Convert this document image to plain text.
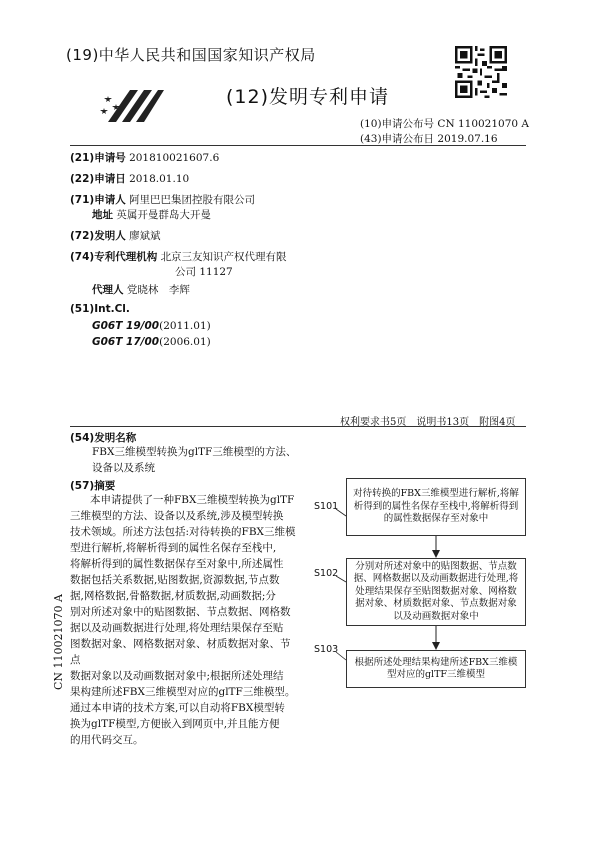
(19)中华人民共和国国家知识产权局
(12)发明专利申请
(10)申请公布号 CN 110021070 A
(43)申请公布日 2019.07.16
(21)申请号 201810021607.6
(22)申请日 2018.01.10
(71)申请人 阿里巴巴集团控股有限公司
地址 英属开曼群岛大开曼
(72)发明人 廖斌斌
(74)专利代理机构 北京三友知识产权代理有限
公司 11127
代理人 党晓林　李辉
(51)Int.Cl.
G06T 19/00(2011.01)
G06T 17/00(2006.01)
权利要求书5页　说明书13页　附图4页
(54)发明名称
FBX三维模型转换为glTF三维模型的方法、
设备以及系统
(57)摘要
本申请提供了一种FBX三维模型转换为glTF
三维模型的方法、设备以及系统,涉及模型转换
技术领域。所述方法包括:对待转换的FBX三维模
型进行解析,将解析得到的属性名保存至栈中,
将解析得到的属性数据保存至对象中,所述属性
数据包括关系数据,贴图数据,资源数据,节点数
据,网格数据,骨骼数据,材质数据,动画数据;分
别对所述对象中的贴图数据、节点数据、网格数
据以及动画数据进行处理,将处理结果保存至贴
图数据对象、网格数据对象、材质数据对象、节点
数据对象以及动画数据对象中;根据所述处理结
果构建所述FBX三维模型对应的glTF三维模型。
通过本申请的技术方案,可以自动将FBX模型转
换为glTF模型,方便嵌入到网页中,并且能方便
的用代码交互。
S101
对待转换的FBX三维模型进行解析,将解析得到的属性名保存至栈中,将解析得到的属性数据保存至对象中
S102
分别对所述对象中的贴图数据、节点数据、网格数据以及动画数据进行处理,将处理结果保存至贴图数据对象、网格数据对象、材质数据对象、节点数据对象以及动画数据对象中
S103
根据所述处理结果构建所述FBX三维模型对应的glTF三维模型
CN 110021070 A
